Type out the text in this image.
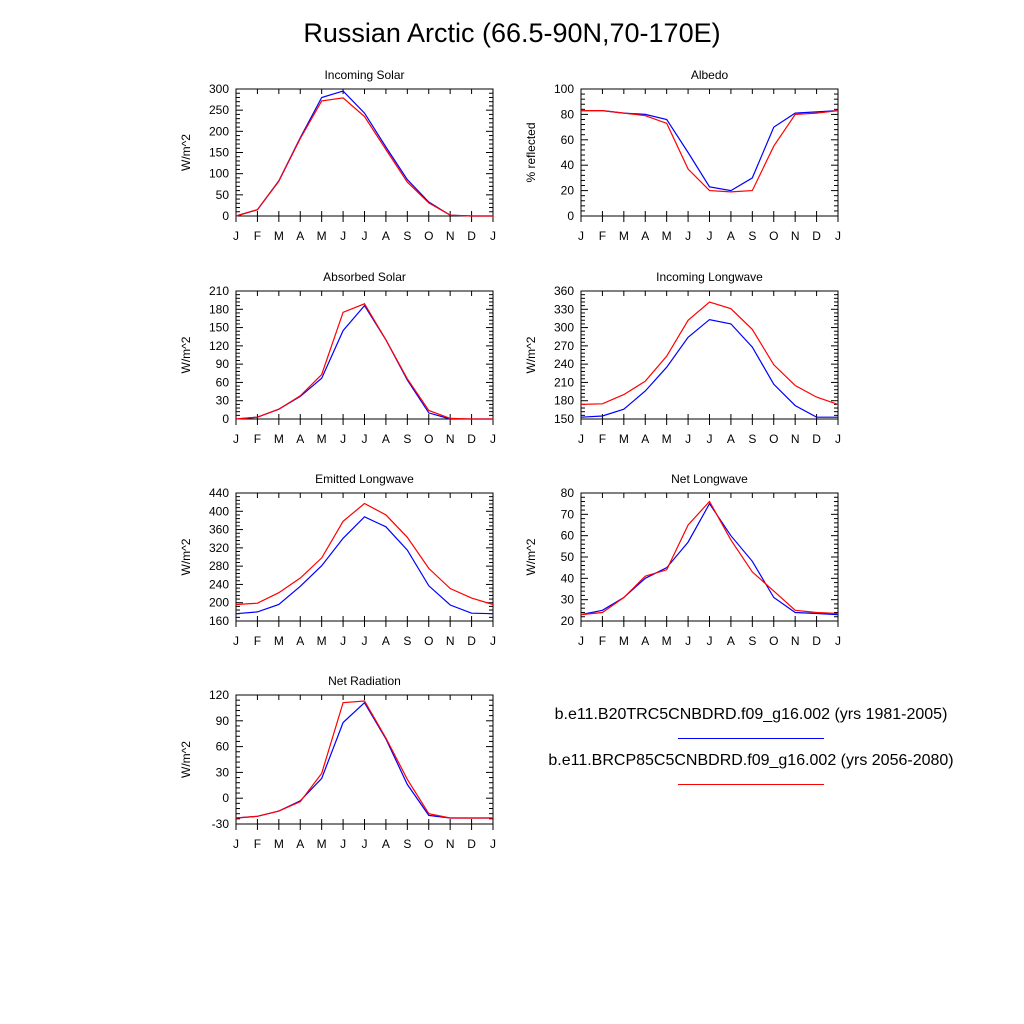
Russian Arctic (66.5-90N,70-170E)
Incoming Solar
W/m^2
0
50
100
150
200
250
300
J F M A M J J A S O N D J
Albedo
% reflected
0
20
40
60
80
100
J F M A M J J A S O N D J
Absorbed Solar
W/m^2
0
30
60
90
120
150
180
210
J F M A M J J A S O N D J
Incoming Longwave
W/m^2
150
180
210
240
270
300
330
360
J F M A M J J A S O N D J
Emitted Longwave
W/m^2
160
200
240
280
320
360
400
440
J F M A M J J A S O N D J
Net Longwave
W/m^2
20
30
40
50
60
70
80
J F M A M J J A S O N D J
Net Radiation
W/m^2
-30
0
30
60
90
120
J F M A M J J A S O N D J
b.e11.B20TRC5CNBDRD.f09_g16.002 (yrs 1981-2005)
b.e11.BRCP85C5CNBDRD.f09_g16.002 (yrs 2056-2080)
